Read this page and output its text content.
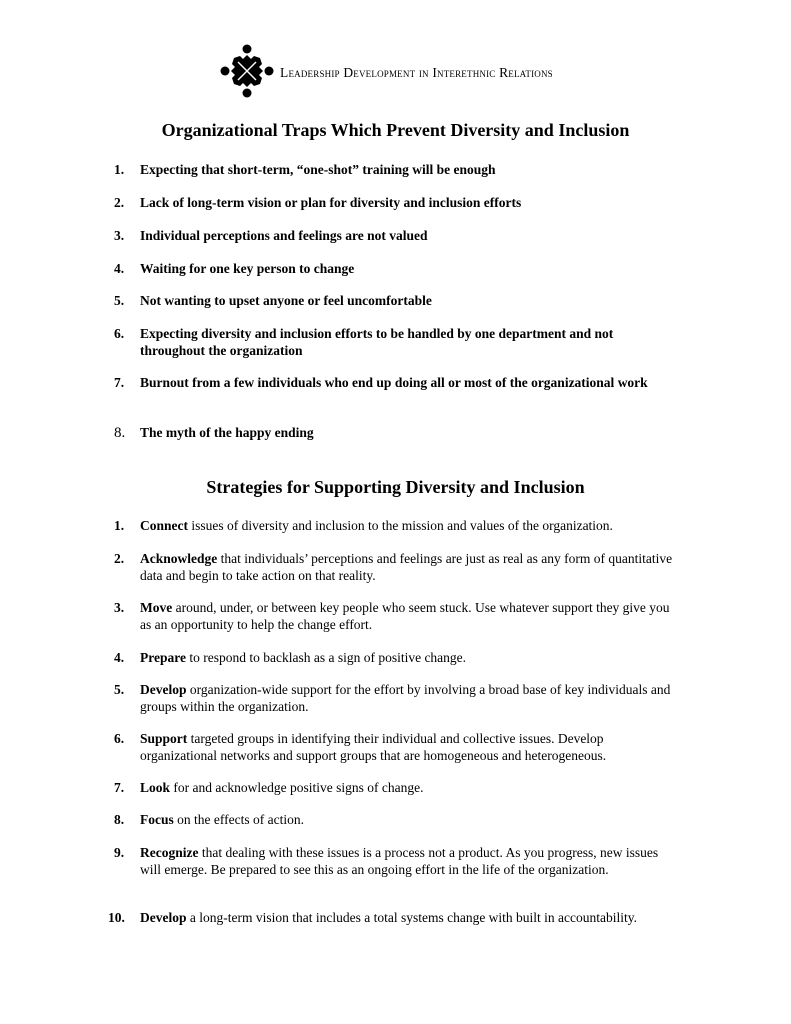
Leadership Development in Interethnic Relations
Organizational Traps Which Prevent Diversity and Inclusion
1.	Expecting that short-term, “one-shot” training will be enough
2.	Lack of long-term vision or plan for diversity and inclusion efforts
3.	Individual perceptions and feelings are not valued
4.	Waiting for one key person to change
5.	Not wanting to upset anyone or feel uncomfortable
6.	Expecting diversity and inclusion efforts to be handled by one department and not throughout the organization
7.	Burnout from a few individuals who end up doing all or most of the organizational work
8.	The myth of the happy ending
Strategies for Supporting Diversity and Inclusion
1.	Connect issues of diversity and inclusion to the mission and values of the organization.
2.	Acknowledge that individuals’ perceptions and feelings are just as real as any form of quantitative data and begin to take action on that reality.
3.	Move around, under, or between key people who seem stuck. Use whatever support they give you as an opportunity to help the change effort.
4.	Prepare to respond to backlash as a sign of positive change.
5.	Develop organization-wide support for the effort by involving a broad base of key individuals and groups within the organization.
6.	Support targeted groups in identifying their individual and collective issues. Develop organizational networks and support groups that are homogeneous and heterogeneous.
7.	Look for and acknowledge positive signs of change.
8.	Focus on the effects of action.
9.	Recognize that dealing with these issues is a process not a product. As you progress, new issues will emerge. Be prepared to see this as an ongoing effort in the life of the organization.
10.	Develop a long-term vision that includes a total systems change with built in accountability.
